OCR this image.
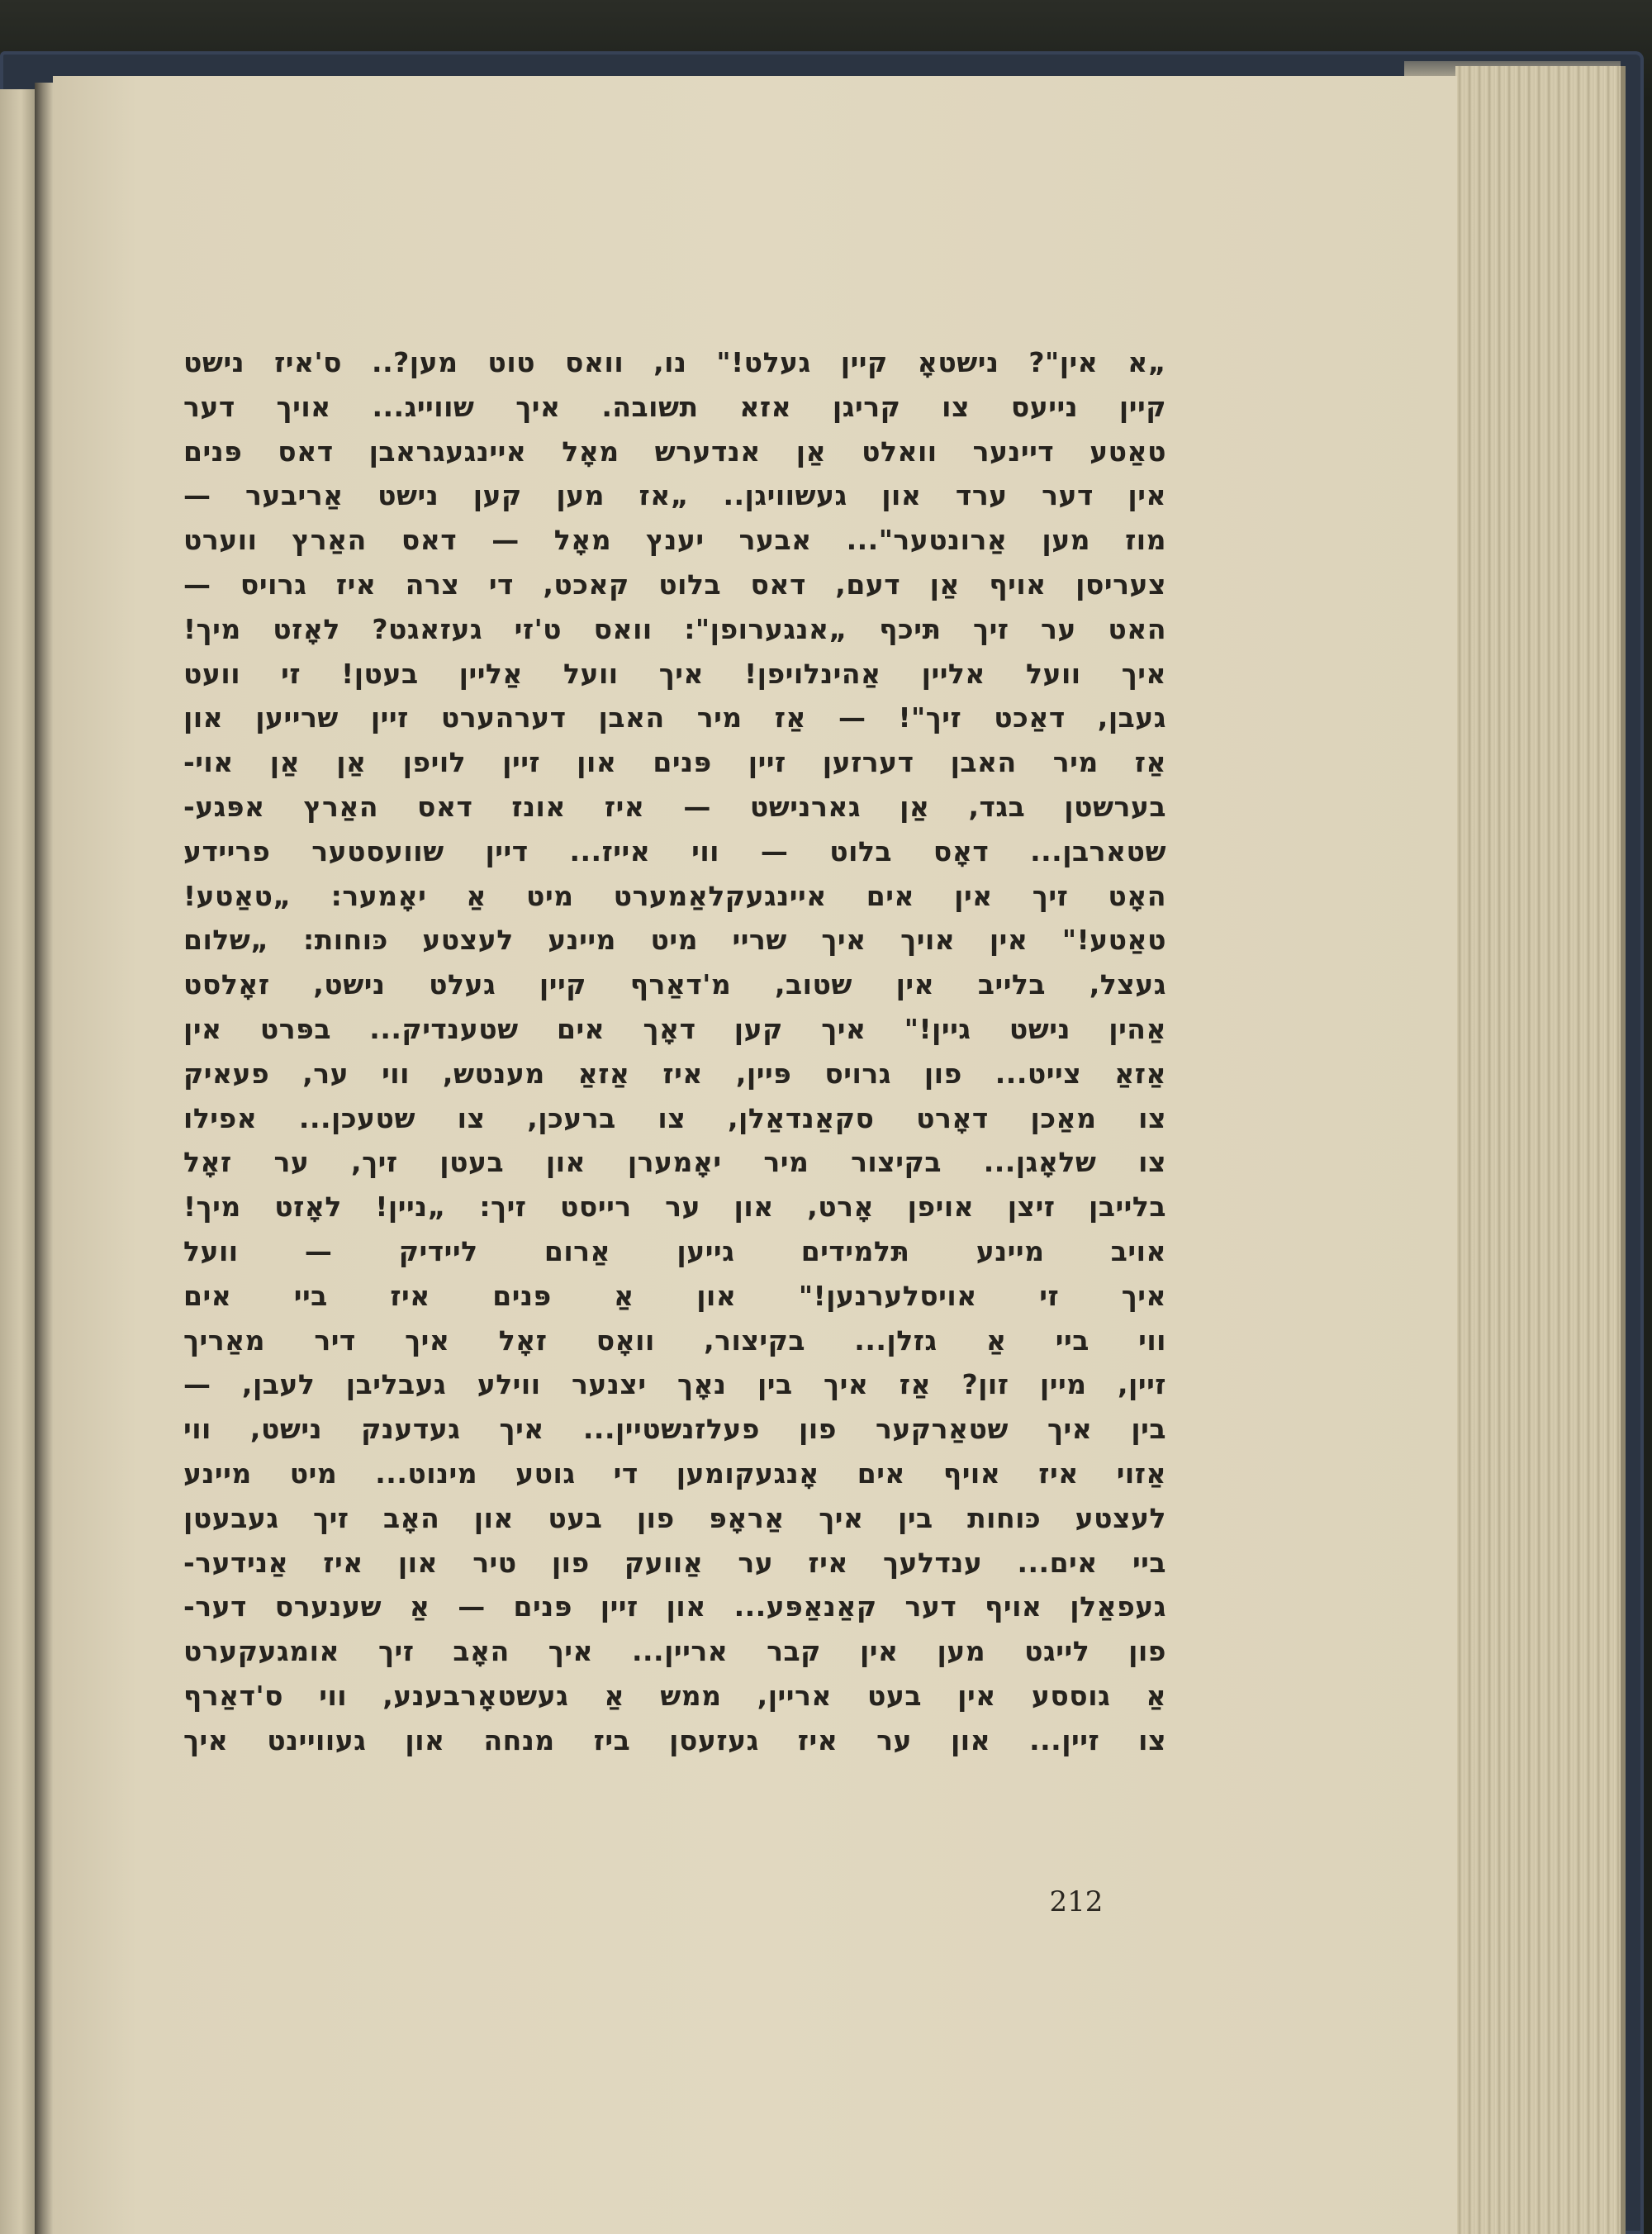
„א אין"? נישטאָ קיין געלט!" נו, וואס טוט מען?.. ס'איז נישט
קיין נייעס צו קריגן אזא תשובה. איך שווייג... אויך דער
טאַטע דיינער וואלט אַן אנדערש מאָל איינגעגראבן דאס פּנים
אין דער ערד און געשוויגן.. „אז מען קען נישט אַריבער —
מוז מען אַרונטער"... אבער יענץ מאָל — דאס האַרץ ווערט
צעריסן אויף אַן דעם, דאס בלוט קאכט, די צרה איז גרויס —
האט ער זיך תּיכף „אנגערופן": וואס ט'זי געזאגט? לאָזט מיך!
איך וועל אליין אַהינלויפן! איך וועל אַליין בעטן! זי וועט
געבן, דאַכט זיך"! — אַז מיר האבן דערהערט זיין שרייען און
אַז מיר האבן דערזען זיין פּנים און זיין לויפן אַן אַן אוי-
בערשטן בגד, אַן גארנישט — איז אונז דאס האַרץ אפּגע-
שטארבן... דאָס בלוט — ווי אייז... דיין שוועסטער פריידע
האָט זיך אין אים איינגעקלאַמערט מיט אַ יאָמער: „טאַטע!
טאַטע!" אין אויך איך שריי מיט מיינע לעצטע כּוחות: „שלום
געצל, בלייב אין שטוב, מ'דאַרף קיין געלט נישט, זאָלסט
אַהין נישט גיין!" איך קען דאָך אים שטענדיק... בפּרט אין
אַזאַ צייט... פון גרויס פּיין, איז אַזאַ מענטש, ווי ער, פעאיק
צו מאַכן דאָרט סקאַנדאַלן, צו ברעכן, צו שטעכן... אפילו
צו שלאָגן... בקיצור מיר יאָמערן און בעטן זיך, ער זאָל
בלייבן זיצן אויפן אָרט, און ער רייסט זיך: „ניין! לאָזט מיך!
אויב מיינע תּלמידים גייען אַרום ליידיק — וועל
איך זי אויסלערנען!" און אַ פּנים איז ביי אים
ווי ביי אַ גזלן... בקיצור, וואָס זאָל איך דיר מאַריך
זיין, מיין זון? אַז איך בין נאָך יצנער ווילע געבליבן לעבן, —
בין איך שטאַרקער פון פעלזנשטיין... איך געדענק נישט, ווי
אַזוי איז אויף אים אָנגעקומען די גוטע מינוט... מיט מיינע
לעצטע כּוחות בין איך אַראָפּ פון בעט און האָב זיך געבעטן
ביי אים... ענדלעך איז ער אַוועק פון טיר און איז אַנידער-
געפאַלן אויף דער קאַנאַפּע... און זיין פּנים — אַ שענערס דער-
פון לייגט מען אין קבר אריין... איך האָב זיך אומגעקערט
אַ גוססע אין בעט אריין, ממש אַ געשטאָרבענע, ווי ס'דאַרף
צו זיין... און ער איז געזעסן ביז מנחה און געוויינט איך
212
